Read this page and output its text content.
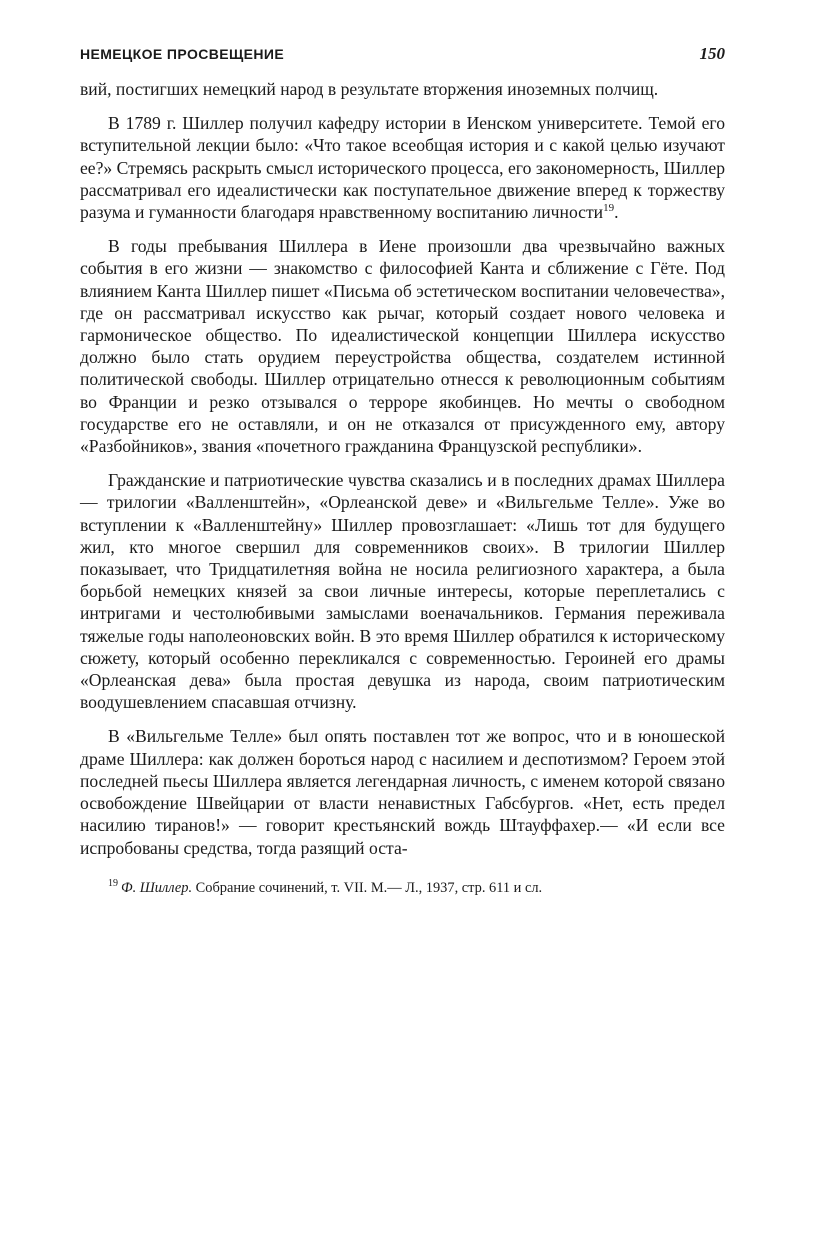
НЕМЕЦКОЕ ПРОСВЕЩЕНИЕ	150

вий, постигших немецкий народ в результате вторжения иноземных полчищ.

В 1789 г. Шиллер получил кафедру истории в Иенском университете. Темой его вступительной лекции было: «Что такое всеобщая история и с какой целью изучают ее?» Стремясь раскрыть смысл исторического процесса, его закономерность, Шиллер рассматривал его идеалистически как поступательное движение вперед к торжеству разума и гуманности благодаря нравственному воспитанию личности$^{19}$.

В годы пребывания Шиллера в Иене произошли два чрезвычайно важных события в его жизни — знакомство с философией Канта и сближение с Гёте. Под влиянием Канта Шиллер пишет «Письма об эстетическом воспитании человечества», где он рассматривал искусство как рычаг, который создает нового человека и гармоническое общество. По идеалистической концепции Шиллера искусство должно было стать орудием переустройства общества, создателем истинной политической свободы. Шиллер отрицательно отнесся к революционным событиям во Франции и резко отзывался о терроре якобинцев. Но мечты о свободном государстве его не оставляли, и он не отказался от присужденного ему, автору «Разбойников», звания «почетного гражданина Французской республики».

Гражданские и патриотические чувства сказались и в последних драмах Шиллера — трилогии «Валленштейн», «Орлеанской деве» и «Вильгельме Телле». Уже во вступлении к «Валленштейну» Шиллер провозглашает: «Лишь тот для будущего жил, кто многое свершил для современников своих». В трилогии Шиллер показывает, что Тридцатилетняя война не носила религиозного характера, а была борьбой немецких князей за свои личные интересы, которые переплетались с интригами и честолюбивыми замыслами военачальников. Германия переживала тяжелые годы наполеоновских войн. В это время Шиллер обратился к историческому сюжету, который особенно перекликался с современностью. Героиней его драмы «Орлеанская дева» была простая девушка из народа, своим патриотическим воодушевлением спасавшая отчизну.

В «Вильгельме Телле» был опять поставлен тот же вопрос, что и в юношеской драме Шиллера: как должен бороться народ с насилием и деспотизмом? Героем этой последней пьесы Шиллера является легендарная личность, с именем которой связано освобождение Швейцарии от власти ненавистных Габсбургов. «Нет, есть предел насилию тиранов!» — говорит крестьянский вождь Штауффахер.— «И если все испробованы средства, тогда разящий оста-

$^{19}$ Ф. Шиллер. Собрание сочинений, т. VII. М.— Л., 1937, стр. 611 и сл.
